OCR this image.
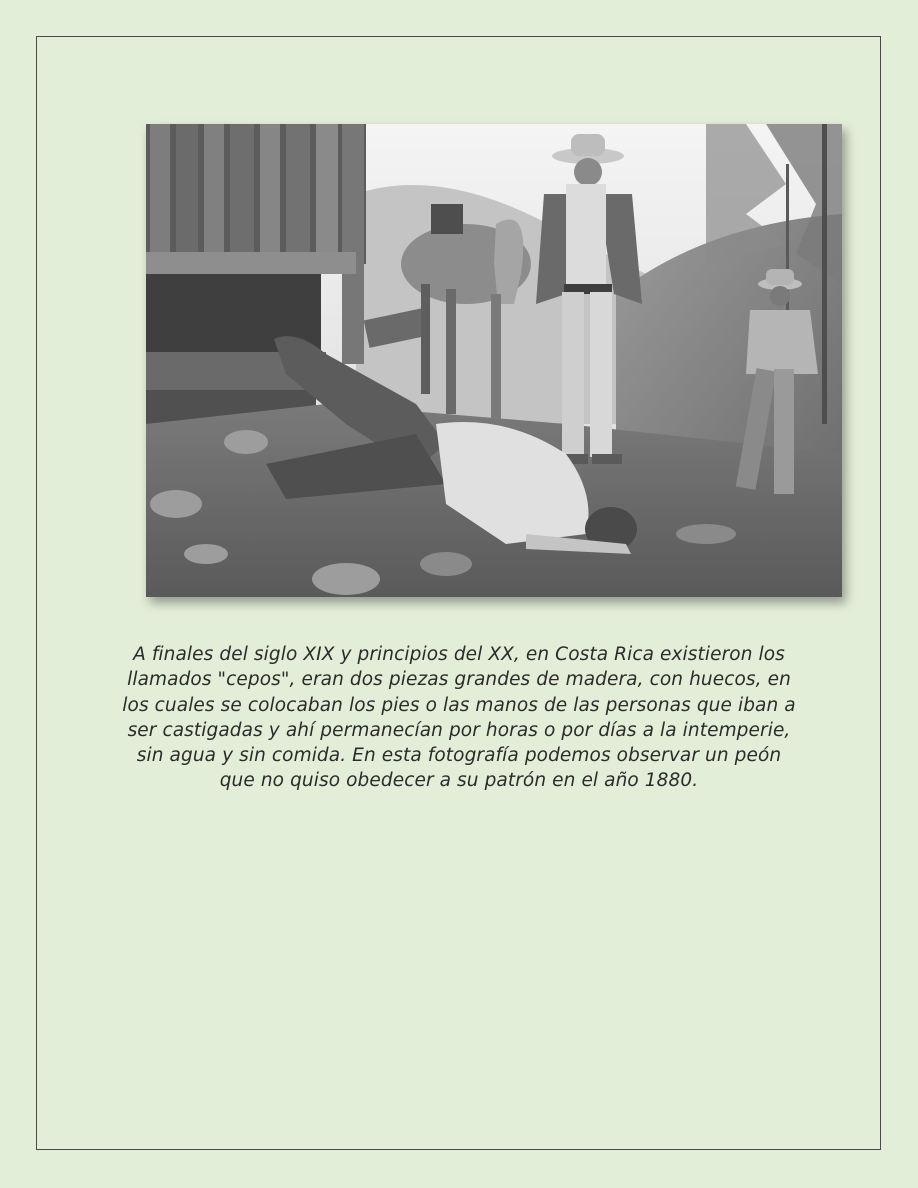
A finales del siglo XIX y principios del XX, en Costa Rica existieron los llamados "cepos", eran dos piezas grandes de madera, con huecos, en los cuales se colocaban los pies o las manos de las personas que iban a ser castigadas y ahí permanecían por horas o por días a la intemperie, sin agua y sin comida. En esta fotografía podemos observar un peón que no quiso obedecer a su patrón en el año 1880.
